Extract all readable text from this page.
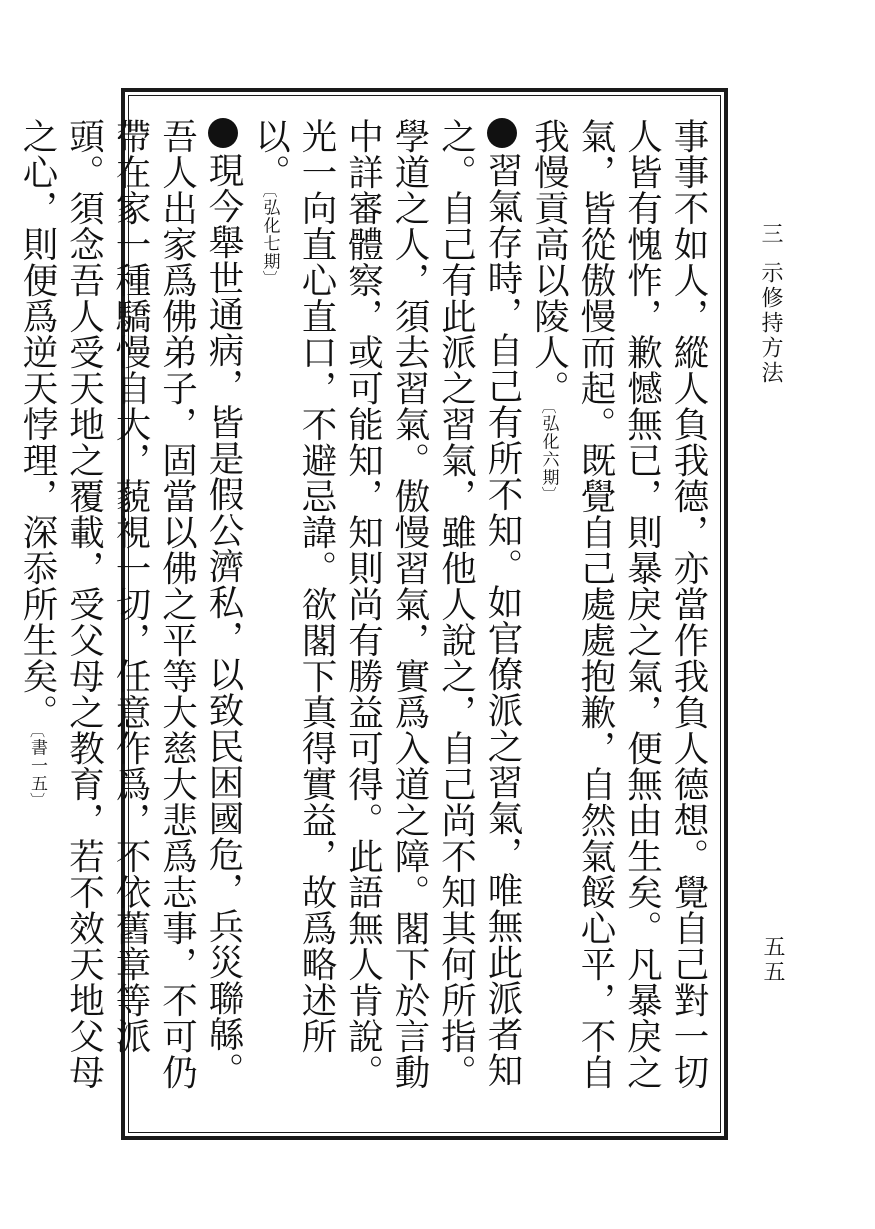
事事不如人，縱人負我德，亦當作我負人德想。覺自己對一切人皆有愧怍，歉憾無已，則暴戾之氣，便無由生矣。凡暴戾之氣，皆從傲慢而起。既覺自己處處抱歉，自然氣餒心平，不自我慢貢高以陵人。〔弘化六期〕
習氣存時，自己有所不知。如官僚派之習氣，唯無此派者知之。自己有此派之習氣，雖他人說之，自己尚不知其何所指。學道之人，須去習氣。傲慢習氣，實爲入道之障。閣下於言動中詳審體察，或可能知，知則尚有勝益可得。此語無人肯說。光一向直心直口，不避忌諱。欲閣下真得實益，故爲略述所以。〔弘化七期〕
現今舉世通病，皆是假公濟私，以致民困國危，兵災聯緜。吾人出家爲佛弟子，固當以佛之平等大慈大悲爲志事，不可仍帶在家一種驕慢自大，藐視一切，任意作爲，不依舊章等派頭。須念吾人受天地之覆載，受父母之教育，若不效天地父母之心，則便爲逆天悖理，深忝所生矣。〔書一五〕
三示修持方法
五五
